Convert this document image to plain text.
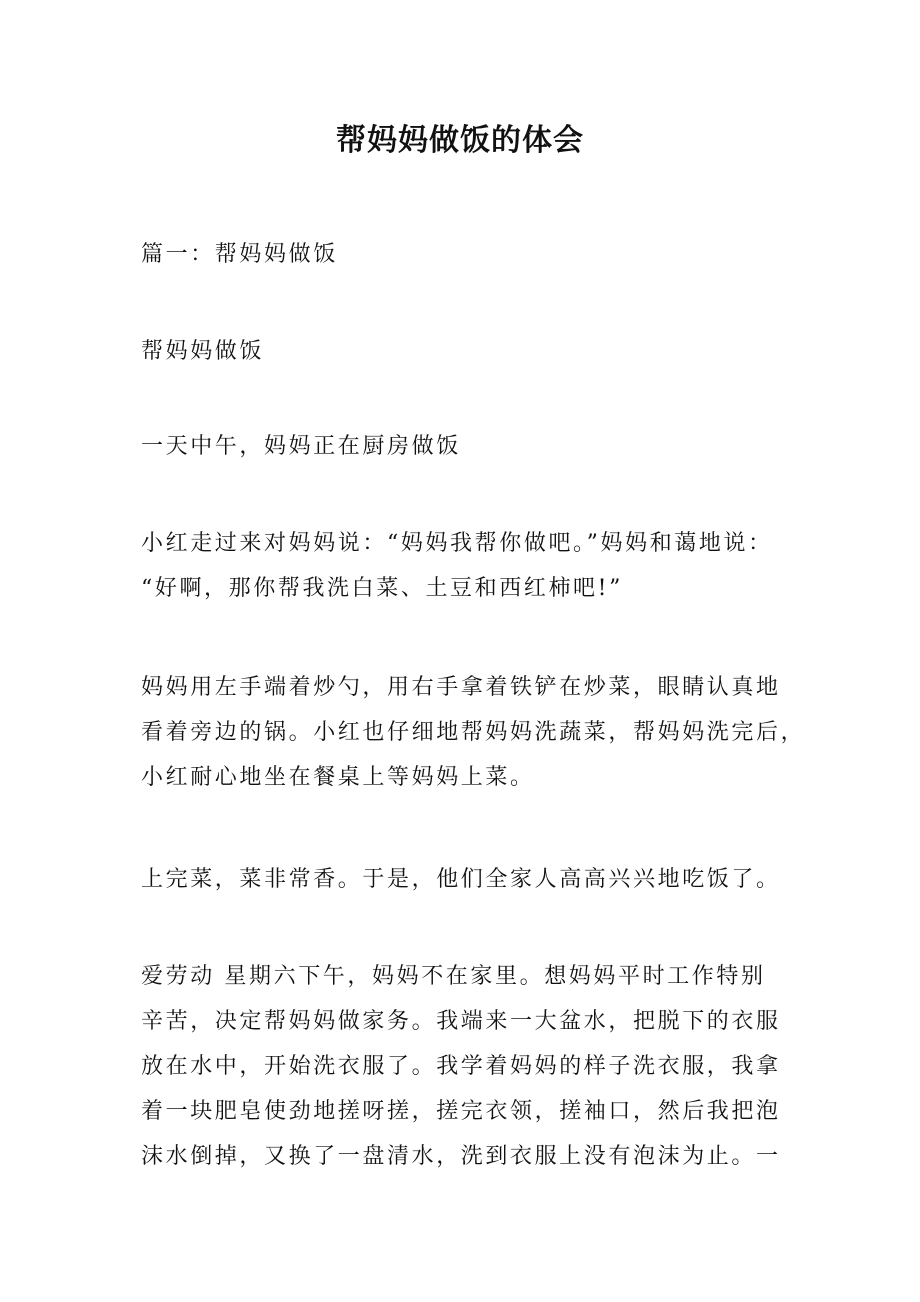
帮妈妈做饭的体会

篇一：帮妈妈做饭

帮妈妈做饭

一天中午，妈妈正在厨房做饭

小红走过来对妈妈说：“妈妈我帮你做吧。”妈妈和蔼地说：
“好啊，那你帮我洗白菜、土豆和西红柿吧!”

妈妈用左手端着炒勺，用右手拿着铁铲在炒菜，眼睛认真地
看着旁边的锅。小红也仔细地帮妈妈洗蔬菜，帮妈妈洗完后，
小红耐心地坐在餐桌上等妈妈上菜。

上完菜，菜非常香。于是，他们全家人高高兴兴地吃饭了。

爱劳动 星期六下午，妈妈不在家里。想妈妈平时工作特别
辛苦，决定帮妈妈做家务。我端来一大盆水，把脱下的衣服
放在水中，开始洗衣服了。我学着妈妈的样子洗衣服，我拿
着一块肥皂使劲地搓呀搓，搓完衣领，搓袖口，然后我把泡
沫水倒掉，又换了一盘清水，洗到衣服上没有泡沫为止。一
